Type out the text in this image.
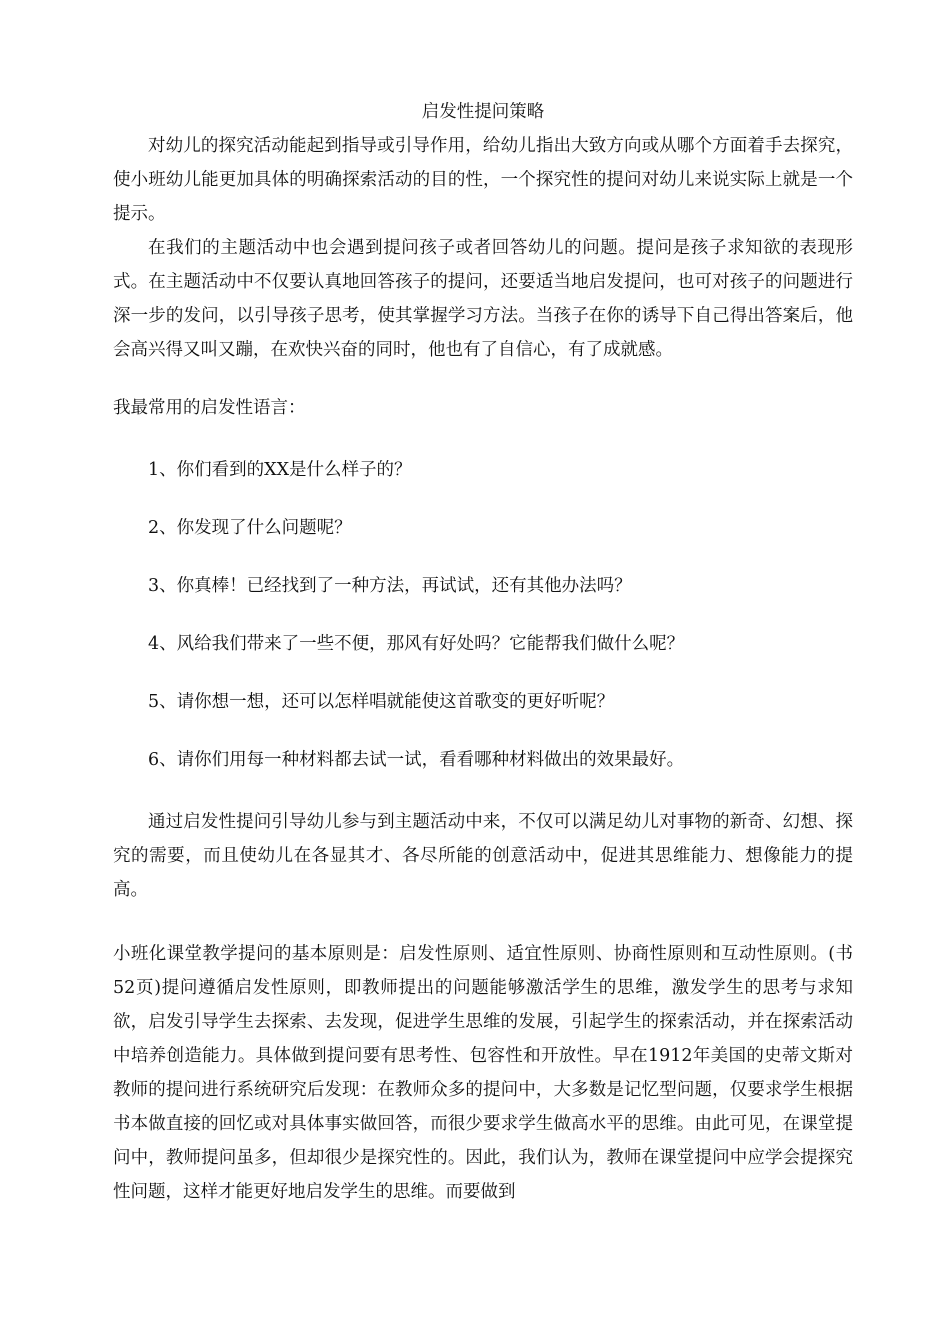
启发性提问策略

对幼儿的探究活动能起到指导或引导作用，给幼儿指出大致方向或从哪个方面着手去探究，使小班幼儿能更加具体的明确探索活动的目的性，一个探究性的提问对幼儿来说实际上就是一个提示。

在我们的主题活动中也会遇到提问孩子或者回答幼儿的问题。提问是孩子求知欲的表现形式。在主题活动中不仅要认真地回答孩子的提问，还要适当地启发提问，也可对孩子的问题进行深一步的发问，以引导孩子思考，使其掌握学习方法。当孩子在你的诱导下自己得出答案后，他会高兴得又叫又蹦，在欢快兴奋的同时，他也有了自信心，有了成就感。

我最常用的启发性语言：

1、你们看到的XX是什么样子的？

2、你发现了什么问题呢？

3、你真棒！已经找到了一种方法，再试试，还有其他办法吗？

4、风给我们带来了一些不便，那风有好处吗？它能帮我们做什么呢？

5、请你想一想，还可以怎样唱就能使这首歌变的更好听呢？

6、请你们用每一种材料都去试一试，看看哪种材料做出的效果最好。

通过启发性提问引导幼儿参与到主题活动中来，不仅可以满足幼儿对事物的新奇、幻想、探究的需要，而且使幼儿在各显其才、各尽所能的创意活动中，促进其思维能力、想像能力的提高。

小班化课堂教学提问的基本原则是：启发性原则、适宜性原则、协商性原则和互动性原则。(书52页)提问遵循启发性原则，即教师提出的问题能够激活学生的思维，激发学生的思考与求知欲，启发引导学生去探索、去发现，促进学生思维的发展，引起学生的探索活动，并在探索活动中培养创造能力。具体做到提问要有思考性、包容性和开放性。早在1912年美国的史蒂文斯对教师的提问进行系统研究后发现：在教师众多的提问中，大多数是记忆型问题，仅要求学生根据书本做直接的回忆或对具体事实做回答，而很少要求学生做高水平的思维。由此可见，在课堂提问中，教师提问虽多，但却很少是探究性的。因此，我们认为，教师在课堂提问中应学会提探究性问题，这样才能更好地启发学生的思维。而要做到
